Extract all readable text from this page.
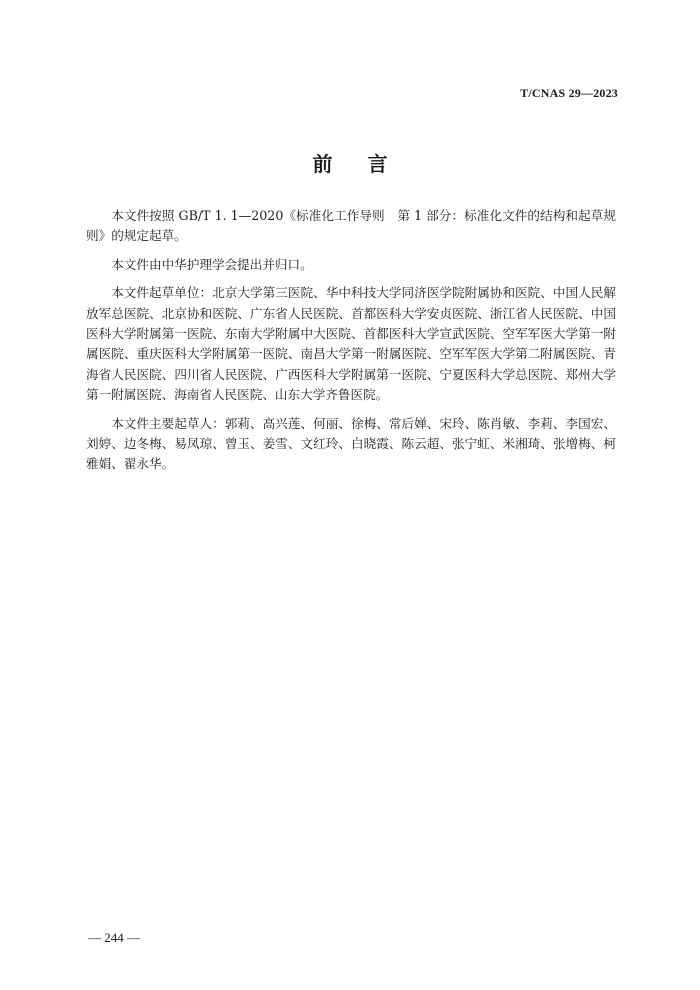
T/CNAS 29—2023
前 言

本文件按照 GB/T 1. 1—2020《标准化工作导则　第 1 部分：标准化文件的结构和起草规则》的规定起草。

本文件由中华护理学会提出并归口。

本文件起草单位：北京大学第三医院、华中科技大学同济医学院附属协和医院、中国人民解放军总医院、北京协和医院、广东省人民医院、首都医科大学安贞医院、浙江省人民医院、中国医科大学附属第一医院、东南大学附属中大医院、首都医科大学宣武医院、空军军医大学第一附属医院、重庆医科大学附属第一医院、南昌大学第一附属医院、空军军医大学第二附属医院、青海省人民医院、四川省人民医院、广西医科大学附属第一医院、宁夏医科大学总医院、郑州大学第一附属医院、海南省人民医院、山东大学齐鲁医院。

本文件主要起草人：郭莉、高兴莲、何丽、徐梅、常后婵、宋玲、陈肖敏、李莉、李国宏、刘婷、边冬梅、易凤琼、曾玉、姜雪、文红玲、白晓霞、陈云超、张宁虹、米湘琦、张增梅、柯雅娟、翟永华。

— 244 —
